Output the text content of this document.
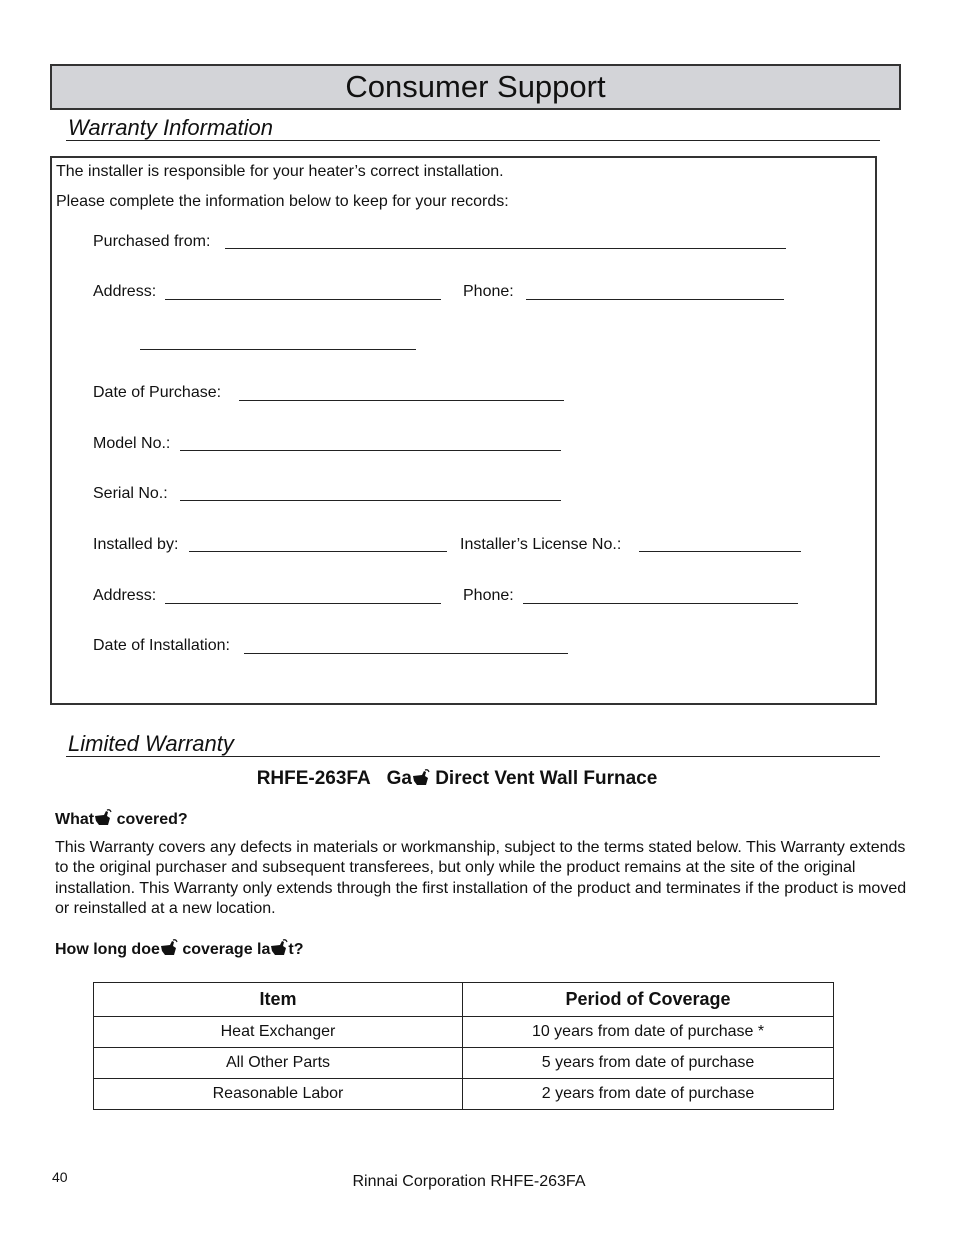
Consumer Support
Warranty Information
The installer is responsible for your heater’s correct installation.
Please complete the information below to keep for your records:
Purchased from:
Address:	Phone:
Date of Purchase:
Model No.:
Serial No.:
Installed by:	Installer’s License No.:
Address:	Phone:
Date of Installation:
Limited Warranty
RHFE-263FA Ga Direct Vent Wall Furnace
What covered?
This Warranty covers any defects in materials or workmanship, subject to the terms stated below. This Warranty extends to the original purchaser and subsequent transferees, but only while the product remains at the site of the original installation. This Warranty only extends through the first installation of the product and terminates if the product is moved or reinstalled at a new location.
How long doe coverage la t?
Item	Period of Coverage
Heat Exchanger	10 years from date of purchase *
All Other Parts	5 years from date of purchase
Reasonable Labor	2 years from date of purchase
40	Rinnai Corporation RHFE-263FA
